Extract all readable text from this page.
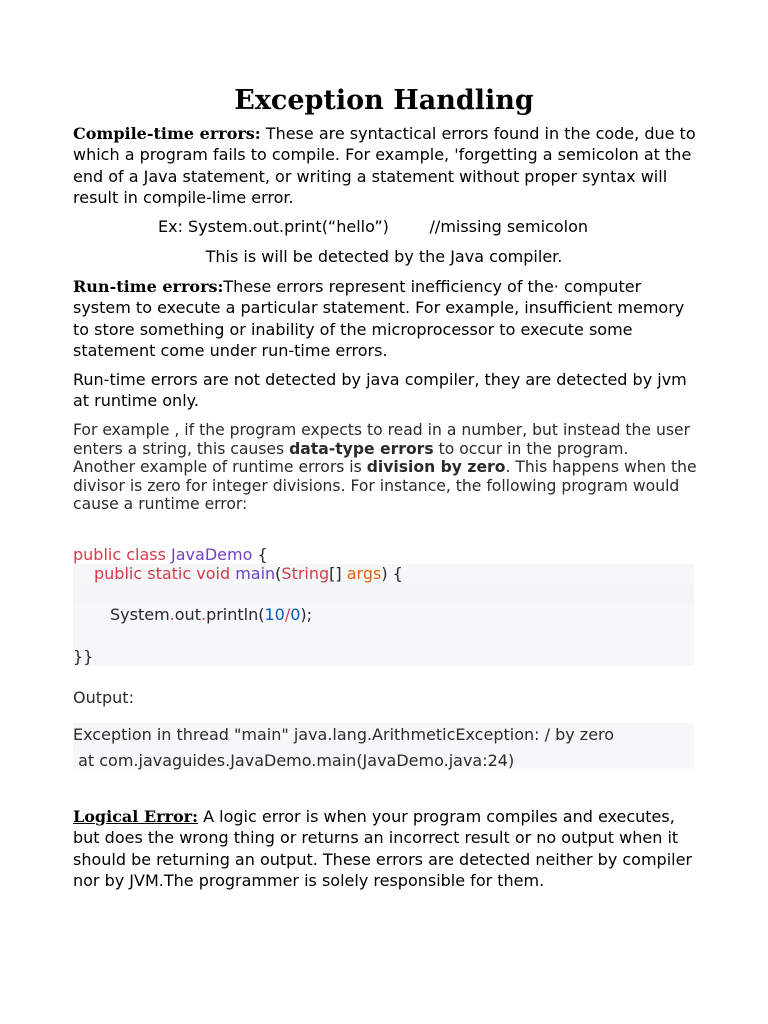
Exception Handling

Compile-time errors: These are syntactical errors found in the code, due to which a program fails to compile. For example, 'forgetting a semicolon at the end of a Java statement, or writing a statement without proper syntax will result in compile-lime error.

Ex: System.out.print(“hello”)	//missing semicolon
This is will be detected by the Java compiler.

Run-time errors:These errors represent inefficiency of the· computer system to execute a particular statement. For example, insufficient memory to store something or inability of the microprocessor to execute some statement come under run-time errors.

Run-time errors are not detected by java compiler, they are detected by jvm at runtime only.

For example , if the program expects to read in a number, but instead the user enters a string, this causes data-type errors to occur in the program.

Another example of runtime errors is division by zero. This happens when the divisor is zero for integer divisions. For instance, the following program would cause a runtime error:

public class JavaDemo {
public static void main(String[] args) {
System.out.println(10/0);
}}
Output:
Exception in thread "main" java.lang.ArithmeticException: / by zero
at com.javaguides.JavaDemo.main(JavaDemo.java:24)

Logical Error: A logic error is when your program compiles and executes, but does the wrong thing or returns an incorrect result or no output when it should be returning an output. These errors are detected neither by compiler nor by JVM.The programmer is solely responsible for them.
